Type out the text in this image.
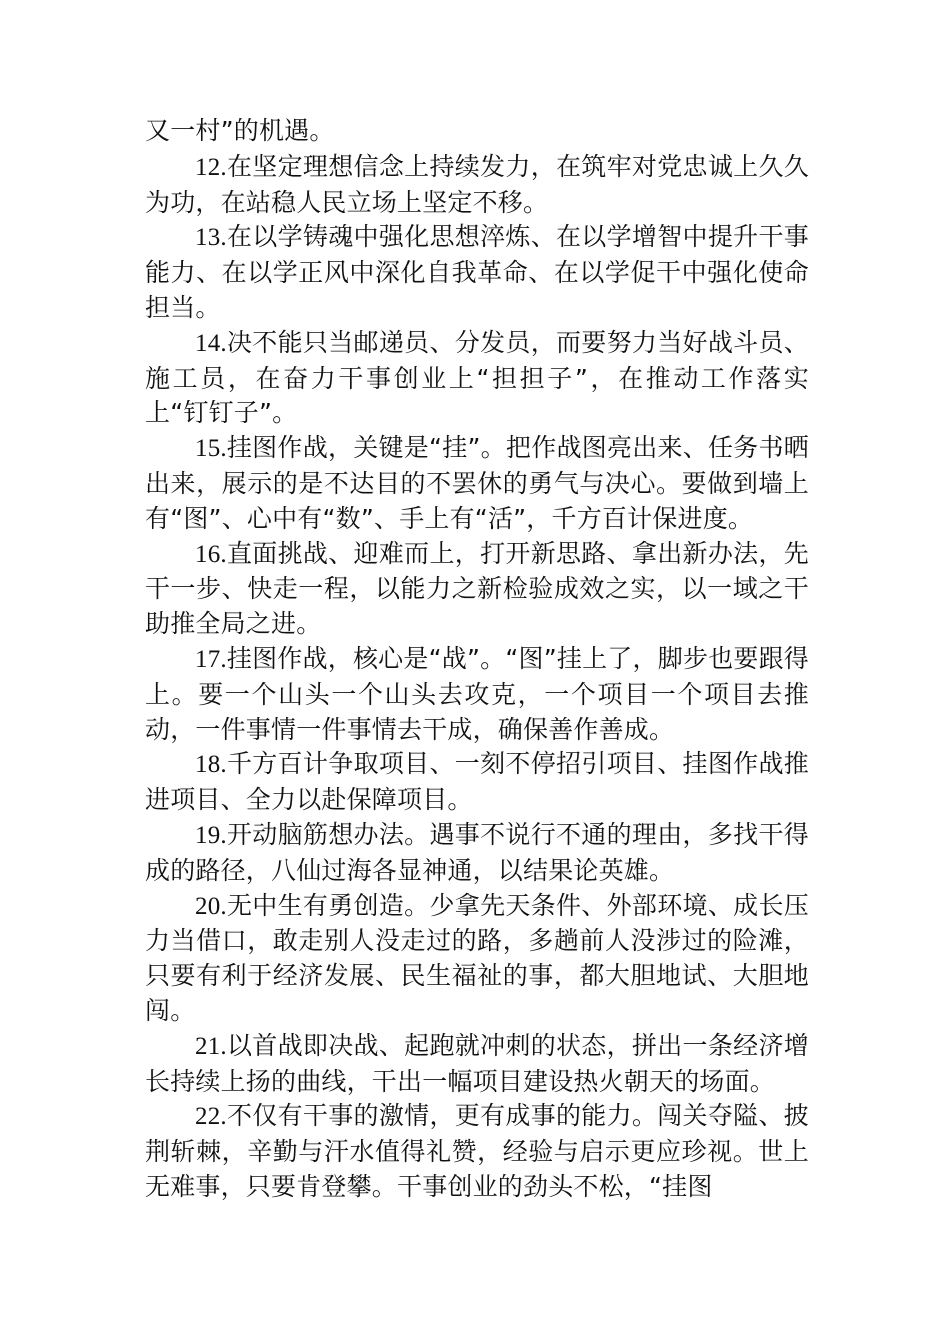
又一村”的机遇。

12.在坚定理想信念上持续发力，在筑牢对党忠诚上久久为功，在站稳人民立场上坚定不移。

13.在以学铸魂中强化思想淬炼、在以学增智中提升干事能力、在以学正风中深化自我革命、在以学促干中强化使命担当。

14.决不能只当邮递员、分发员，而要努力当好战斗员、施工员，在奋力干事创业上“担担子”，在推动工作落实上“钉钉子”。

15.挂图作战，关键是“挂”。把作战图亮出来、任务书晒出来，展示的是不达目的不罢休的勇气与决心。要做到墙上有“图”、心中有“数”、手上有“活”，千方百计保进度。

16.直面挑战、迎难而上，打开新思路、拿出新办法，先干一步、快走一程，以能力之新检验成效之实，以一域之干助推全局之进。

17.挂图作战，核心是“战”。“图”挂上了，脚步也要跟得上。要一个山头一个山头去攻克，一个项目一个项目去推动，一件事情一件事情去干成，确保善作善成。

18.千方百计争取项目、一刻不停招引项目、挂图作战推进项目、全力以赴保障项目。

19.开动脑筋想办法。遇事不说行不通的理由，多找干得成的路径，八仙过海各显神通，以结果论英雄。

20.无中生有勇创造。少拿先天条件、外部环境、成长压力当借口，敢走别人没走过的路，多趟前人没涉过的险滩，只要有利于经济发展、民生福祉的事，都大胆地试、大胆地闯。

21.以首战即决战、起跑就冲刺的状态，拼出一条经济增长持续上扬的曲线，干出一幅项目建设热火朝天的场面。

22.不仅有干事的激情，更有成事的能力。闯关夺隘、披荆斩棘，辛勤与汗水值得礼赞，经验与启示更应珍视。世上无难事，只要肯登攀。干事创业的劲头不松，“挂图
